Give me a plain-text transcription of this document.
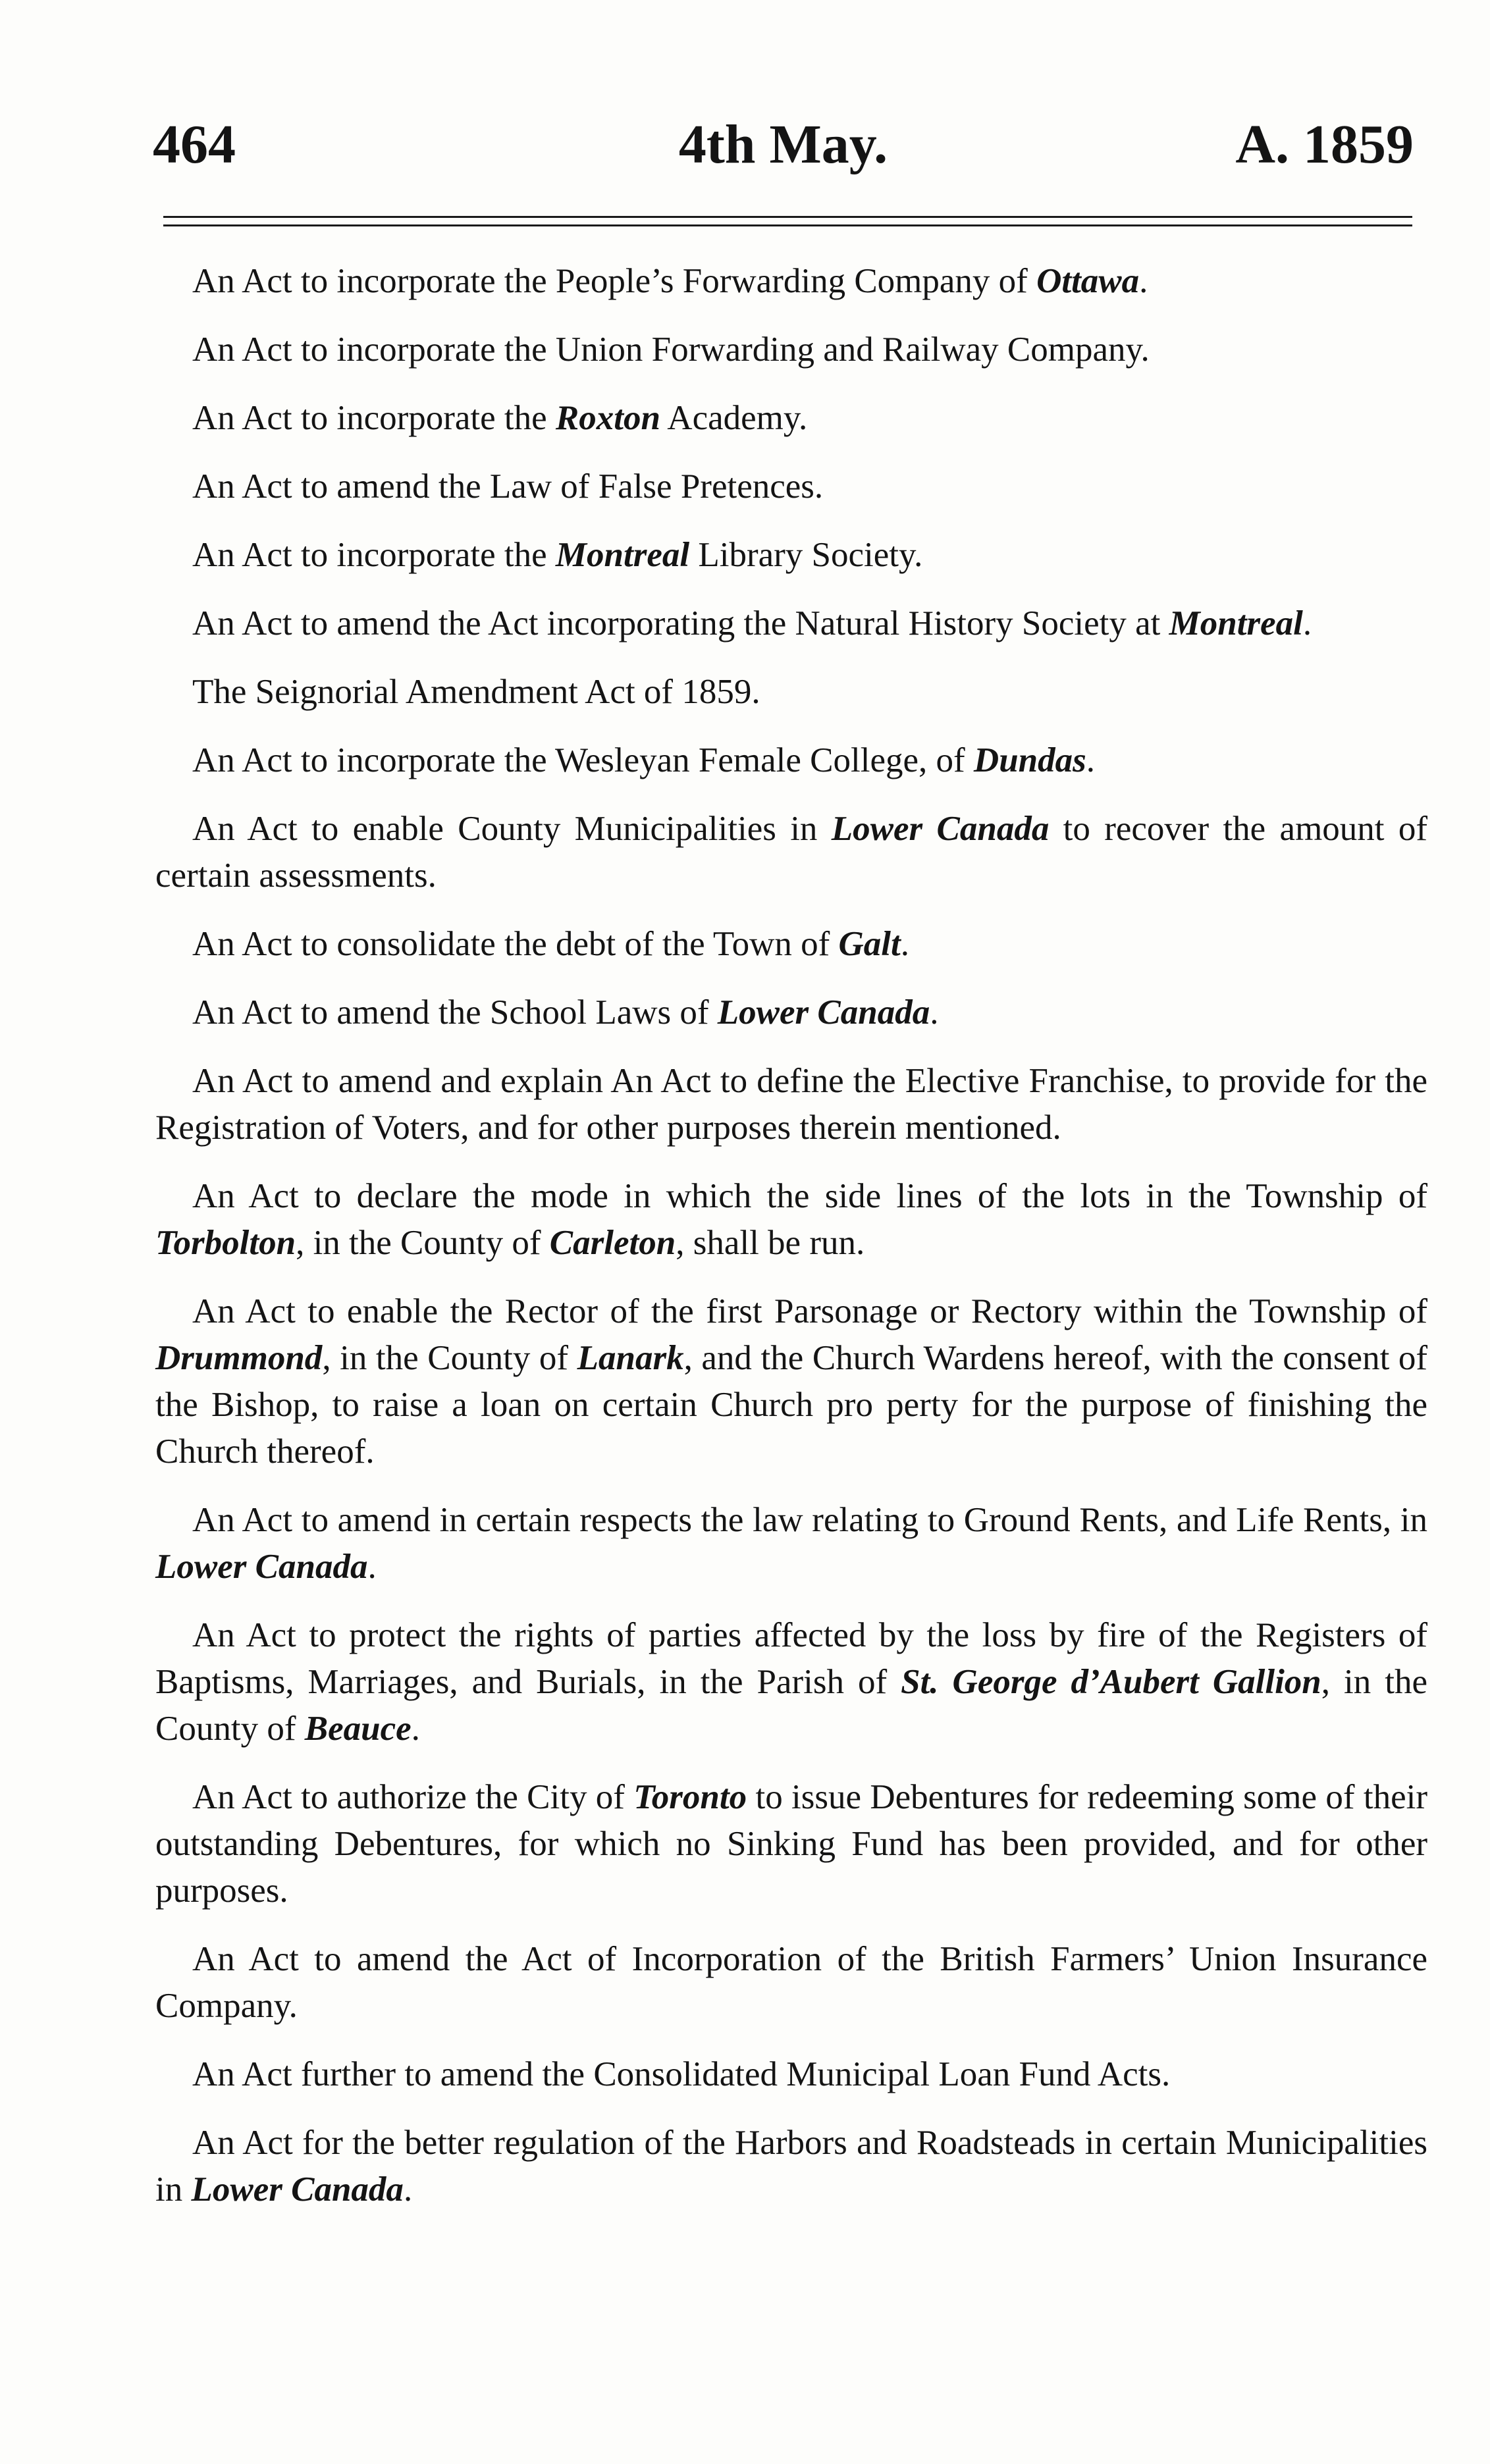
464	4th May.	A. 1859

An Act to incorporate the People’s Forwarding Company of Ottawa.

An Act to incorporate the Union Forwarding and Railway Company.

An Act to incorporate the Roxton Academy.

An Act to amend the Law of False Pretences.

An Act to incorporate the Montreal Library Society.

An Act to amend the Act incorporating the Natural History Society at Montreal.

The Seignorial Amendment Act of 1859.

An Act to incorporate the Wesleyan Female College, of Dundas.

An Act to enable County Municipalities in Lower Canada to recover the amount of certain assessments.

An Act to consolidate the debt of the Town of Galt.

An Act to amend the School Laws of Lower Canada.

An Act to amend and explain An Act to define the Elective Franchise, to provide for the Registration of Voters, and for other purposes therein mentioned.

An Act to declare the mode in which the side lines of the lots in the Township of Torbolton, in the County of Carleton, shall be run.

An Act to enable the Rector of the first Parsonage or Rectory within the Township of Drummond, in the County of Lanark, and the Church Wardens hereof, with the consent of the Bishop, to raise a loan on certain Church pro perty for the purpose of finishing the Church thereof.

An Act to amend in certain respects the law relating to Ground Rents, and Life Rents, in Lower Canada.

An Act to protect the rights of parties affected by the loss by fire of the Registers of Baptisms, Marriages, and Burials, in the Parish of St. George d’Aubert Gallion, in the County of Beauce.

An Act to authorize the City of Toronto to issue Debentures for redeeming some of their outstanding Debentures, for which no Sinking Fund has been provided, and for other purposes.

An Act to amend the Act of Incorporation of the British Farmers’ Union Insurance Company.

An Act further to amend the Consolidated Municipal Loan Fund Acts.

An Act for the better regulation of the Harbors and Roadsteads in certain Municipalities in Lower Canada.
